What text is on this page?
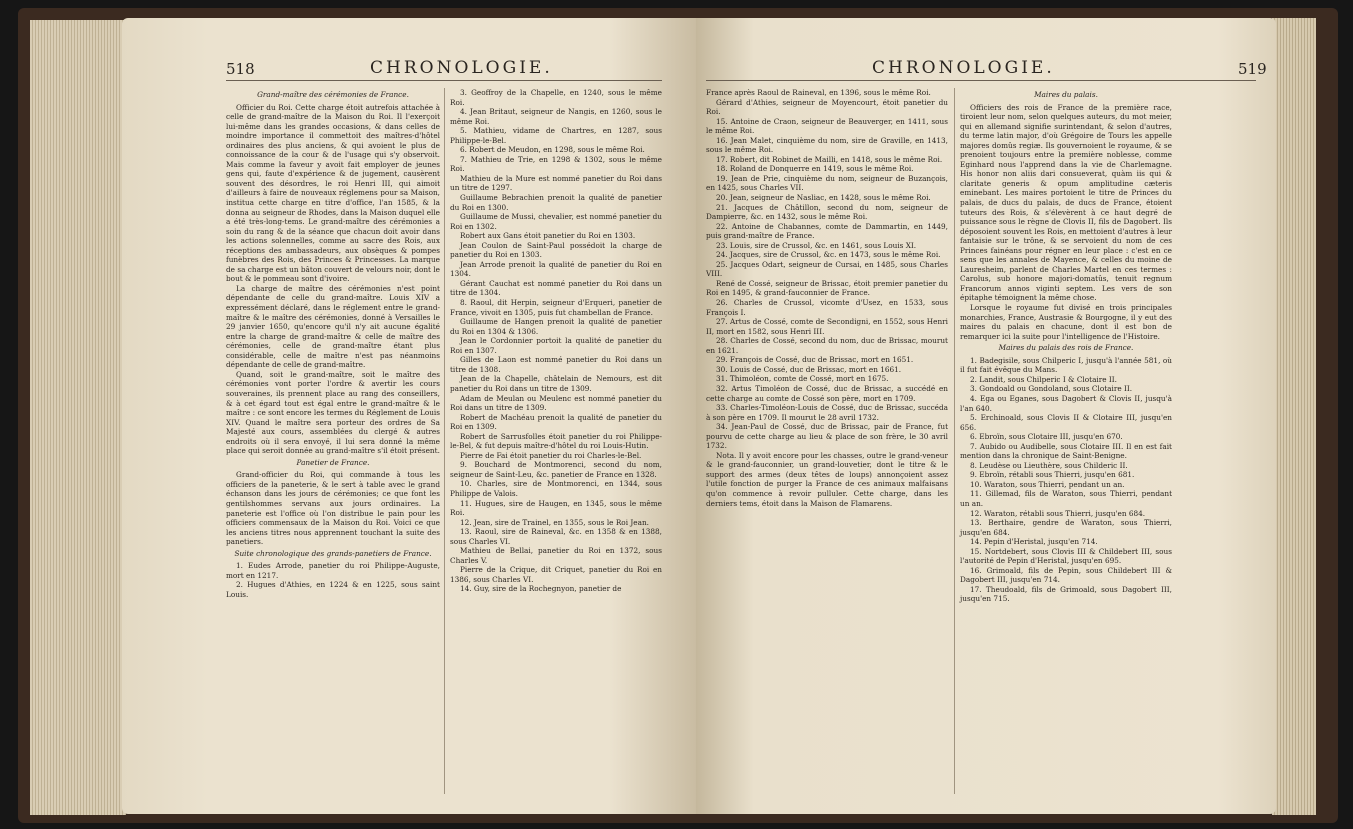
518	CHRONOLOGIE.

Grand-maître des cérémonies de France.

Officier du Roi. Cette charge étoit autrefois attachée à celle de grand-maître de la Maison du Roi. Il l'exerçoit lui-même dans les grandes occasions, & dans celles de moindre importance il commettoit des maîtres-d'hôtel ordinaires des plus anciens, & qui avoient le plus de connoissance de la cour & de l'usage qui s'y observoit. Mais comme la faveur y avoit fait employer de jeunes gens qui, faute d'expérience & de jugement, causèrent souvent des désordres, le roi Henri III, qui aimoit d'ailleurs à faire de nouveaux réglemens pour sa Maison, institua cette charge en titre d'office, l'an 1585, & la donna au seigneur de Rhodes, dans la Maison duquel elle a été très-long-tems. Le grand-maître des cérémonies a soin du rang & de la séance que chacun doit avoir dans les actions solennelles, comme au sacre des Rois, aux réceptions des ambassadeurs, aux obsèques & pompes funèbres des Rois, des Princes & Princesses. La marque de sa charge est un bâton couvert de velours noir, dont le bout & le pommeau sont d'ivoire.

La charge de maître des cérémonies n'est point dépendante de celle du grand-maître. Louis XIV a expressément déclaré, dans le réglement entre le grand-maître & le maître des cérémonies, donné à Versailles le 29 janvier 1650, qu'encore qu'il n'y ait aucune égalité entre la charge de grand-maître & celle de maître des cérémonies, celle de grand-maître étant plus considérable, celle de maître n'est pas néanmoins dépendante de celle de grand-maître.

Quand, soit le grand-maître, soit le maître des cérémonies vont porter l'ordre & avertir les cours souveraines, ils prennent place au rang des conseillers, & à cet égard tout est égal entre le grand-maître & le maître : ce sont encore les termes du Réglement de Louis XIV. Quand le maître sera porteur des ordres de Sa Majesté aux cours, assemblées du clergé & autres endroits où il sera envoyé, il lui sera donné la même place qui seroit donnée au grand-maître s'il étoit présent.

Panetier de France.

Grand-officier du Roi, qui commande à tous les officiers de la paneterie, & le sert à table avec le grand échanson dans les jours de cérémonies; ce que font les gentilshommes servans aux jours ordinaires. La paneterie est l'office où l'on distribue le pain pour les officiers commensaux de la Maison du Roi. Voici ce que les anciens titres nous apprennent touchant la suite des panetiers.

Suite chronologique des grands-panetiers de France.

1. Eudes Arrode, panetier du roi Philippe-Auguste, mort en 1217.

2. Hugues d'Athies, en 1224 & en 1225, sous saint Louis.

3. Geoffroy de la Chapelle, en 1240, sous le même Roi.

4. Jean Britaut, seigneur de Nangis, en 1260, sous le même Roi.

5. Mathieu, vidame de Chartres, en 1287, sous Philippe-le-Bel.

6. Robert de Meudon, en 1298, sous le même Roi.

7. Mathieu de Trie, en 1298 & 1302, sous le même Roi.

Mathieu de la Mure est nommé panetier du Roi dans un titre de 1297.

Guillaume Bebrachien prenoit la qualité de panetier du Roi en 1300.

Guillaume de Mussi, chevalier, est nommé panetier du Roi en 1302.

Robert aux Gans étoit panetier du Roi en 1303.

Jean Coulon de Saint-Paul possédoit la charge de panetier du Roi en 1303.

Jean Arrode prenoit la qualité de panetier du Roi en 1304.

Gérant Cauchat est nommé panetier du Roi dans un titre de 1304.

8. Raoul, dit Herpin, seigneur d'Erqueri, panetier de France, vivoit en 1305, puis fut chambellan de France.

Guillaume de Hangen prenoit la qualité de panetier du Roi en 1304 & 1306.

Jean le Cordonnier portoit la qualité de panetier du Roi en 1307.

Gilles de Laon est nommé panetier du Roi dans un titre de 1308.

Jean de la Chapelle, châtelain de Nemours, est dit panetier du Roi dans un titre de 1309.

Adam de Meulan ou Meulenc est nommé panetier du Roi dans un titre de 1309.

Robert de Machéau prenoit la qualité de panetier du Roi en 1309.

Robert de Sarrusfolles étoit panetier du roi Philippe-le-Bel, & fut depuis maître-d'hôtel du roi Louis-Hutin.

Pierre de Fai étoit panetier du roi Charles-le-Bel.

9. Bouchard de Montmorenci, second du nom, seigneur de Saint-Leu, &c. panetier de France en 1328.

10. Charles, sire de Montmorenci, en 1344, sous Philippe de Valois.

11. Hugues, sire de Haugen, en 1345, sous le même Roi.

12. Jean, sire de Trainel, en 1355, sous le Roi Jean.

13. Raoul, sire de Raineval, &c. en 1358 & en 1388, sous Charles VI.

Mathieu de Bellai, panetier du Roi en 1372, sous Charles V.

Pierre de la Crique, dit Criquet, panetier du Roi en 1386, sous Charles VI.

14. Guy, sire de la Rochegnyon, panetier de

CHRONOLOGIE.	519

France après Raoul de Raineval, en 1396, sous le même Roi.

Gérard d'Athies, seigneur de Moyencourt, étoit panetier du Roi.

15. Antoine de Craon, seigneur de Beauverger, en 1411, sous le même Roi.

16. Jean Malet, cinquième du nom, sire de Graville, en 1413, sous le même Roi.

17. Robert, dit Robinet de Mailli, en 1418, sous le même Roi.

18. Roland de Donquerre en 1419, sous le même Roi.

19. Jean de Prie, cinquième du nom, seigneur de Buzançois, en 1425, sous Charles VII.

20. Jean, seigneur de Nasliac, en 1428, sous le même Roi.

21. Jacques de Châtillon, second du nom, seigneur de Dampierre, &c. en 1432, sous le même Roi.

22. Antoine de Chabannes, comte de Dammartin, en 1449, puis grand-maître de France.

23. Louis, sire de Crussol, &c. en 1461, sous Louis XI.

24. Jacques, sire de Crussol, &c. en 1473, sous le même Roi.

25. Jacques Odart, seigneur de Cursai, en 1485, sous Charles VIII.

René de Cossé, seigneur de Brissac, étoit premier panetier du Roi en 1495, & grand-fauconnier de France.

26. Charles de Crussol, vicomte d'Usez, en 1533, sous François I.

27. Artus de Cossé, comte de Secondigni, en 1552, sous Henri II, mort en 1582, sous Henri III.

28. Charles de Cossé, second du nom, duc de Brissac, mourut en 1621.

29. François de Cossé, duc de Brissac, mort en 1651.

30. Louis de Cossé, duc de Brissac, mort en 1661.

31. Thimoléon, comte de Cossé, mort en 1675.

32. Artus Timoléon de Cossé, duc de Brissac, a succédé en cette charge au comte de Cossé son père, mort en 1709.

33. Charles-Timoléon-Louis de Cossé, duc de Brissac, succéda à son père en 1709. Il mourut le 28 avril 1732.

34. Jean-Paul de Cossé, duc de Brissac, pair de France, fut pourvu de cette charge au lieu & place de son frère, le 30 avril 1732.

Nota. Il y avoit encore pour les chasses, outre le grand-veneur & le grand-fauconnier, un grand-louvetier, dont le titre & le support des armes (deux têtes de loups) annonçoient assez l'utile fonction de purger la France de ces animaux malfaisans qu'on commence à revoir pulluler. Cette charge, dans les derniers tems, étoit dans la Maison de Flamarens.

Maires du palais.

Officiers des rois de France de la première race, tiroient leur nom, selon quelques auteurs, du mot meier, qui en allemand signifie surintendant, & selon d'autres, du terme latin major, d'où Grégoire de Tours les appelle majores domûs regiæ. Ils gouvernoient le royaume, & se prenoient toujours entre la première noblesse, comme Eginhard nous l'apprend dans la vie de Charlemagne. His honor non aliis dari consueverat, quàm iis qui & claritate generis & opum amplitudine cæteris eminebant. Les maires portoient le titre de Princes du palais, de ducs du palais, de ducs de France, étoient tuteurs des Rois, & s'élevèrent à ce haut degré de puissance sous le règne de Clovis II, fils de Dagobert. Ils déposoient souvent les Rois, en mettoient d'autres à leur fantaisie sur le trône, & se servoient du nom de ces Princes fainéans pour régner en leur place : c'est en ce sens que les annales de Mayence, & celles du moine de Lauresheim, parlent de Charles Martel en ces termes : Carolus, sub honore majori-domatûs, tenuit regnum Francorum annos viginti septem. Les vers de son épitaphe témoignent la même chose.

Lorsque le royaume fut divisé en trois principales monarchies, France, Austrasie & Bourgogne, il y eut des maires du palais en chacune, dont il est bon de remarquer ici la suite pour l'intelligence de l'Histoire.

Maires du palais des rois de France.

1. Badegisile, sous Chilperic I, jusqu'à l'année 581, où il fut fait évêque du Mans.

2. Landit, sous Chilperic I & Clotaire II.

3. Gondoald ou Gondoland, sous Clotaire II.

4. Ega ou Eganes, sous Dagobert & Clovis II, jusqu'à l'an 640.

5. Erchinoald, sous Clovis II & Clotaire III, jusqu'en 656.

6. Ebroïn, sous Clotaire III, jusqu'en 670.

7. Aubido ou Audibelle, sous Clotaire III. Il en est fait mention dans la chronique de Saint-Benigne.

8. Leudèse ou Lieuthère, sous Childeric II.

9. Ebroïn, rétabli sous Thierri, jusqu'en 681.

10. Waraton, sous Thierri, pendant un an.

11. Gillemad, fils de Waraton, sous Thierri, pendant un an.

12. Waraton, rétabli sous Thierri, jusqu'en 684.

13. Berthaire, gendre de Waraton, sous Thierri, jusqu'en 684.

14. Pepin d'Heristal, jusqu'en 714.

15. Nortdebert, sous Clovis III & Childebert III, sous l'autorité de Pepin d'Heristal, jusqu'en 695.

16. Grimoald, fils de Pepin, sous Childebert III & Dagobert III, jusqu'en 714.

17. Theudoald, fils de Grimoald, sous Dagobert III, jusqu'en 715.
